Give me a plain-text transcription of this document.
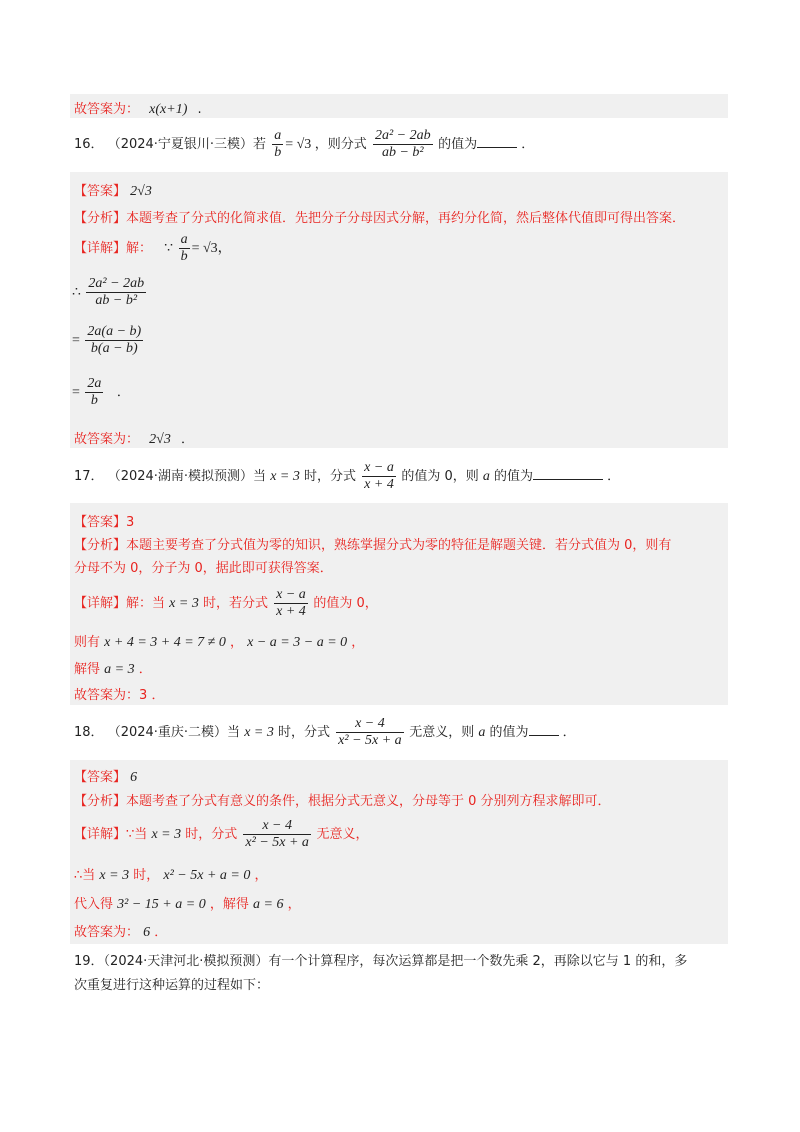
故答案为： x(x+1) .
16． （2024·宁夏银川·三模）若 $\frac{a}{b} = √3$ ，则分式 $\frac{\text{2a² − 2ab}}{\text{ab − b²}}$ 的值为	．
【答案】 2√3
【分析】本题考查了分式的化简求值．先把分子分母因式分解，再约分化简，然后整体代值即可得出答案．
【详解】解： ∵ $\frac{a}{b} = √3$，
∴ $\frac{\text{2a² − 2ab}}{\text{ab − b²}}$
= $\frac{2a(a - b)}{b(a - b)}$
= $\frac{2a}{b}$ ．
故答案为： 2√3 ．
17． （2024·湖南·模拟预测）当 x = 3 时，分式 $\frac{x - a}{x + 4}$ 的值为 0，则 a 的值为	．
【答案】3
【分析】本题主要考查了分式值为零的知识，熟练掌握分式为零的特征是解题关键．若分式值为 0，则有
分母不为 0，分子为 0，据此即可获得答案．
【详解】解：当 x = 3 时，若分式 $\frac{x - a}{x + 4}$ 的值为 0，
则有 x + 4 = 3 + 4 = 7 ≠ 0 ， x − a = 3 − a = 0 ，
解得 a = 3 ．
故答案为：3 ．
18． （2024·重庆·二模）当 x = 3 时，分式 $\frac{x - 4}{\text{x² − 5x + a}}$ 无意义，则 a 的值为	．
【答案】 6
【分析】本题考查了分式有意义的条件，根据分式无意义，分母等于 0 分别列方程求解即可．
【详解】∵当 x = 3 时，分式 $\frac{x - 4}{\text{x² − 5x + a}}$ 无意义，
∴当 x = 3 时， x² − 5x + a = 0 ，
代入得 3² − 15 + a = 0 ，解得 a = 6 ，
故答案为： 6 ．
19．（2024·天津河北·模拟预测）有一个计算程序，每次运算都是把一个数先乘 2，再除以它与 1 的和，多
次重复进行这种运算的过程如下：
